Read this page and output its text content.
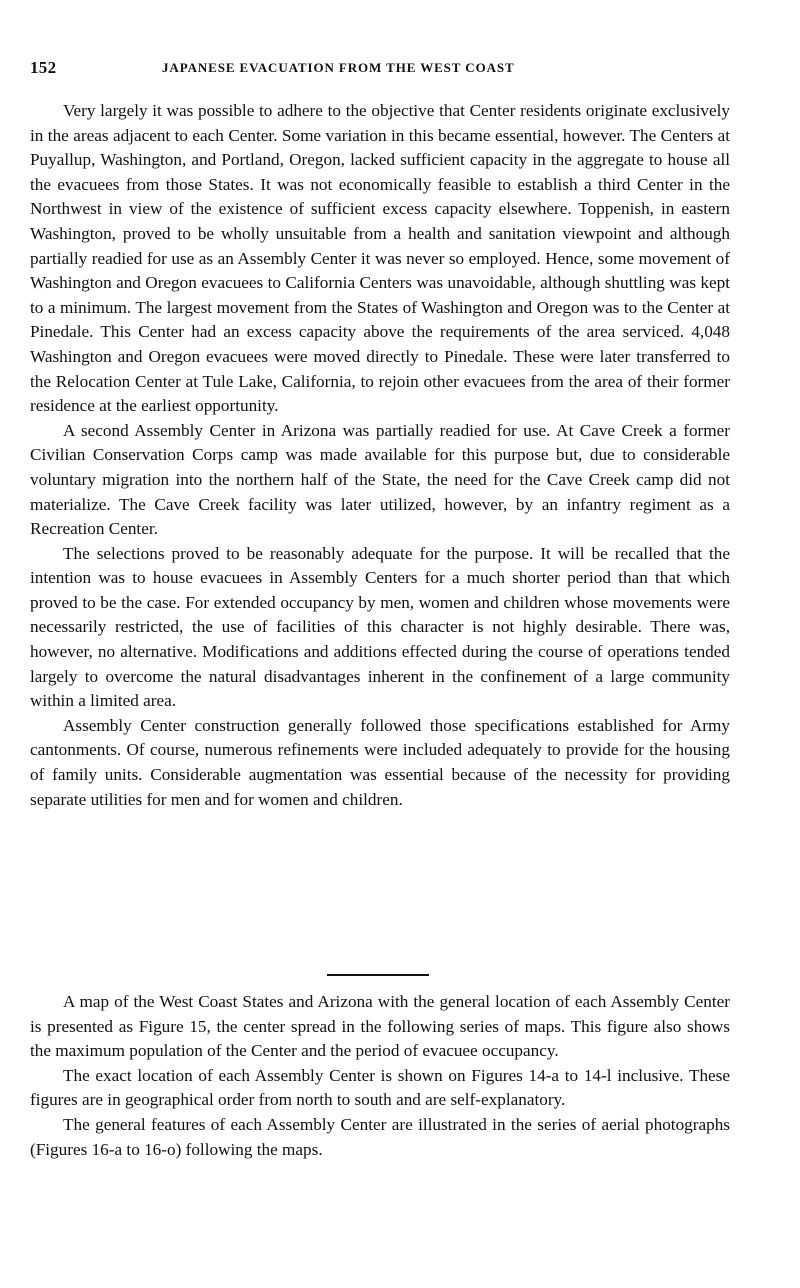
152	JAPANESE EVACUATION FROM THE WEST COAST

Very largely it was possible to adhere to the objective that Center residents originate exclusively in the areas adjacent to each Center. Some variation in this became essential, however. The Centers at Puyallup, Washington, and Portland, Oregon, lacked sufficient capacity in the aggregate to house all the evacuees from those States. It was not economically feasible to establish a third Center in the Northwest in view of the existence of sufficient excess capacity elsewhere. Toppenish, in eastern Washington, proved to be wholly unsuitable from a health and sanitation viewpoint and although partially readied for use as an Assembly Center it was never so employed. Hence, some movement of Washington and Oregon evacuees to California Centers was unavoidable, although shuttling was kept to a minimum. The largest movement from the States of Washington and Oregon was to the Center at Pinedale. This Center had an excess capacity above the requirements of the area serviced. 4,048 Washington and Oregon evacuees were moved directly to Pinedale. These were later transferred to the Relocation Center at Tule Lake, California, to rejoin other evacuees from the area of their former residence at the earliest opportunity.

A second Assembly Center in Arizona was partially readied for use. At Cave Creek a former Civilian Conservation Corps camp was made available for this purpose but, due to considerable voluntary migration into the northern half of the State, the need for the Cave Creek camp did not materialize. The Cave Creek facility was later utilized, however, by an infantry regiment as a Recreation Center.

The selections proved to be reasonably adequate for the purpose. It will be recalled that the intention was to house evacuees in Assembly Centers for a much shorter period than that which proved to be the case. For extended occupancy by men, women and children whose movements were necessarily restricted, the use of facilities of this character is not highly desirable. There was, however, no alternative. Modifications and additions effected during the course of operations tended largely to overcome the natural disadvantages inherent in the confinement of a large community within a limited area.

Assembly Center construction generally followed those specifications established for Army cantonments. Of course, numerous refinements were included adequately to provide for the housing of family units. Considerable augmentation was essential because of the necessity for providing separate utilities for men and for women and children.

A map of the West Coast States and Arizona with the general location of each Assembly Center is presented as Figure 15, the center spread in the following series of maps. This figure also shows the maximum population of the Center and the period of evacuee occupancy.

The exact location of each Assembly Center is shown on Figures 14-a to 14-l inclusive. These figures are in geographical order from north to south and are self-explanatory.

The general features of each Assembly Center are illustrated in the series of aerial photographs (Figures 16-a to 16-o) following the maps.
